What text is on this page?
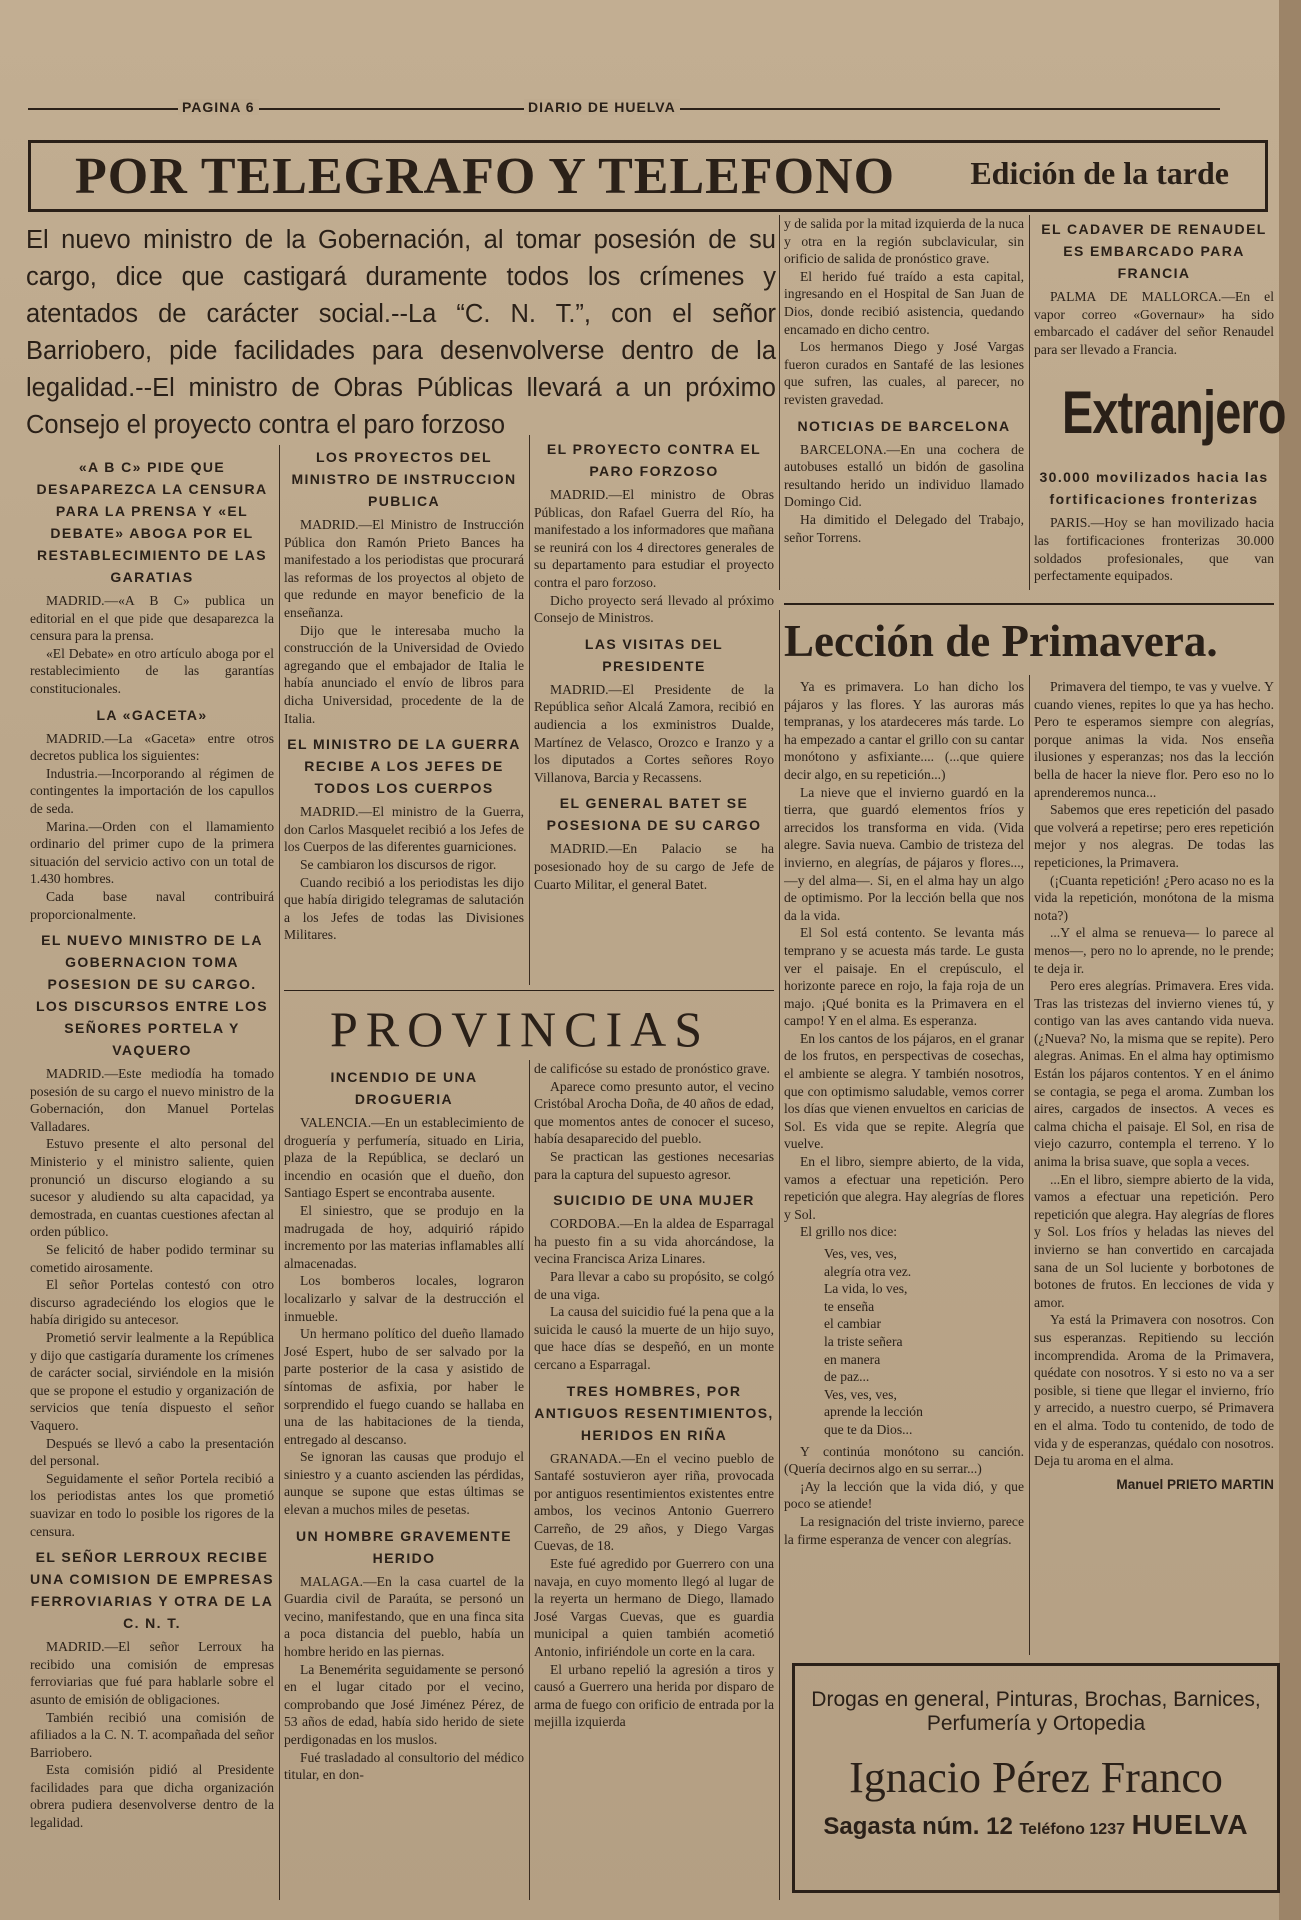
PAGINA 6	DIARIO DE HUELVA
POR TELEGRAFO Y TELEFONO Edición de la tarde
El nuevo ministro de la Gobernación, al tomar posesión de su cargo, dice que castigará duramente todos los crímenes y atentados de carácter social.--La “C. N. T.”, con el señor Barriobero, pide facilidades para desenvolverse dentro de la legalidad.--El ministro de Obras Públicas llevará a un próximo Consejo el proyecto contra el paro forzoso
«A B C» PIDE QUE DESAPAREZCA LA CENSURA PARA LA PRENSA Y «EL DEBATE» ABOGA POR EL RESTABLECIMIENTO DE LAS GARATIAS

MADRID.—«A B C» publica un editorial en el que pide que desaparezca la censura para la prensa.

«El Debate» en otro artículo aboga por el restablecimiento de las garantías constitucionales.

LA «GACETA»

MADRID.—La «Gaceta» entre otros decretos publica los siguientes:

Industria.—Incorporando al régimen de contingentes la importación de los capullos de seda.

Marina.—Orden con el llamamiento ordinario del primer cupo de la primera situación del servicio activo con un total de 1.430 hombres.

Cada base naval contribuirá proporcionalmente.

EL NUEVO MINISTRO DE LA GOBERNACION TOMA POSESION DE SU CARGO. LOS DISCURSOS ENTRE LOS SEÑORES PORTELA Y VAQUERO

MADRID.—Este mediodía ha tomado posesión de su cargo el nuevo ministro de la Gobernación, don Manuel Portelas Valladares.

Estuvo presente el alto personal del Ministerio y el ministro saliente, quien pronunció un discurso elogiando a su sucesor y aludiendo su alta capacidad, ya demostrada, en cuantas cuestiones afectan al orden público.

Se felicitó de haber podido terminar su cometido airosamente.

El señor Portelas contestó con otro discurso agradeciéndo los elogios que le había dirigido su antecesor.

Prometió servir lealmente a la República y dijo que castigaría duramente los crímenes de carácter social, sirviéndole en la misión que se propone el estudio y organización de servicios que tenía dispuesto el señor Vaquero.

Después se llevó a cabo la presentación del personal.

Seguidamente el señor Portela recibió a los periodistas antes los que prometió suavizar en todo lo posible los rigores de la censura.

EL SEÑOR LERROUX RECIBE UNA COMISION DE EMPRESAS FERROVIARIAS Y OTRA DE LA C. N. T.

MADRID.—El señor Lerroux ha recibido una comisión de empresas ferroviarias que fué para hablarle sobre el asunto de emisión de obligaciones.

También recibió una comisión de afiliados a la C. N. T. acompañada del señor Barriobero.

Esta comisión pidió al Presidente facilidades para que dicha organización obrera pudiera desenvolverse dentro de la legalidad.

LOS PROYECTOS DEL MINISTRO DE INSTRUCCION PUBLICA

MADRID.—El Ministro de Instrucción Pública don Ramón Prieto Bances ha manifestado a los periodistas que procurará las reformas de los proyectos al objeto de que redunde en mayor beneficio de la enseñanza.

Dijo que le interesaba mucho la construcción de la Universidad de Oviedo agregando que el embajador de Italia le había anunciado el envío de libros para dicha Universidad, procedente de la de Italia.

EL MINISTRO DE LA GUERRA RECIBE A LOS JEFES DE TODOS LOS CUERPOS

MADRID.—El ministro de la Guerra, don Carlos Masquelet recibió a los Jefes de los Cuerpos de las diferentes guarniciones.

Se cambiaron los discursos de rigor.

Cuando recibió a los periodistas les dijo que había dirigido telegramas de salutación a los Jefes de todas las Divisiones Militares.

EL PROYECTO CONTRA EL PARO FORZOSO

MADRID.—El ministro de Obras Públicas, don Rafael Guerra del Río, ha manifestado a los informadores que mañana se reunirá con los 4 directores generales de su departamento para estudiar el proyecto contra el paro forzoso.

Dicho proyecto será llevado al próximo Consejo de Ministros.

LAS VISITAS DEL PRESIDENTE

MADRID.—El Presidente de la República señor Alcalá Zamora, recibió en audiencia a los exministros Dualde, Martínez de Velasco, Orozco e Iranzo y a los diputados a Cortes señores Royo Villanova, Barcia y Recassens.

EL GENERAL BATET SE POSESIONA DE SU CARGO

MADRID.—En Palacio se ha posesionado hoy de su cargo de Jefe de Cuarto Militar, el general Batet.

y de salida por la mitad izquierda de la nuca y otra en la región subclavicular, sin orificio de salida de pronóstico grave.

El herido fué traído a esta capital, ingresando en el Hospital de San Juan de Dios, donde recibió asistencia, quedando encamado en dicho centro.

Los hermanos Diego y José Vargas fueron curados en Santafé de las lesiones que sufren, las cuales, al parecer, no revisten gravedad.

NOTICIAS DE BARCELONA

BARCELONA.—En una cochera de autobuses estalló un bidón de gasolina resultando herido un individuo llamado Domingo Cid.

Ha dimitido el Delegado del Trabajo, señor Torrens.

EL CADAVER DE RENAUDEL ES EMBARCADO PARA FRANCIA

PALMA DE MALLORCA.—En el vapor correo «Governaur» ha sido embarcado el cadáver del señor Renaudel para ser llevado a Francia.

30.000 movilizados hacia las fortificaciones fronterizas

PARIS.—Hoy se han movilizado hacia las fortificaciones fronterizas 30.000 soldados profesionales, que van perfectamente equipados.

Extranjero
Lección de Primavera.
PROVINCIAS
INCENDIO DE UNA DROGUERIA

VALENCIA.—En un establecimiento de droguería y perfumería, situado en Liria, plaza de la República, se declaró un incendio en ocasión que el dueño, don Santiago Espert se encontraba ausente.

El siniestro, que se produjo en la madrugada de hoy, adquirió rápido incremento por las materias inflamables allí almacenadas.

Los bomberos locales, lograron localizarlo y salvar de la destrucción el inmueble.

Un hermano político del dueño llamado José Espert, hubo de ser salvado por la parte posterior de la casa y asistido de síntomas de asfixia, por haber le sorprendido el fuego cuando se hallaba en una de las habitaciones de la tienda, entregado al descanso.

Se ignoran las causas que produjo el siniestro y a cuanto ascienden las pérdidas, aunque se supone que estas últimas se elevan a muchos miles de pesetas.

UN HOMBRE GRAVEMENTE HERIDO

MALAGA.—En la casa cuartel de la Guardia civil de Paraúta, se personó un vecino, manifestando, que en una finca sita a poca distancia del pueblo, había un hombre herido en las piernas.

La Benemérita seguidamente se personó en el lugar citado por el vecino, comprobando que José Jiménez Pérez, de 53 años de edad, había sido herido de siete perdigonadas en los muslos.

Fué trasladado al consultorio del médico titular, en don-

de calificóse su estado de pronóstico grave.

Aparece como presunto autor, el vecino Cristóbal Arocha Doña, de 40 años de edad, que momentos antes de conocer el suceso, había desaparecido del pueblo.

Se practican las gestiones necesarias para la captura del supuesto agresor.

SUICIDIO DE UNA MUJER

CORDOBA.—En la aldea de Esparragal ha puesto fin a su vida ahorcándose, la vecina Francisca Ariza Linares.

Para llevar a cabo su propósito, se colgó de una viga.

La causa del suicidio fué la pena que a la suicida le causó la muerte de un hijo suyo, que hace días se despeñó, en un monte cercano a Esparragal.

TRES HOMBRES, POR ANTIGUOS RESENTIMIENTOS, HERIDOS EN RIÑA

GRANADA.—En el vecino pueblo de Santafé sostuvieron ayer riña, provocada por antiguos resentimientos existentes entre ambos, los vecinos Antonio Guerrero Carreño, de 29 años, y Diego Vargas Cuevas, de 18.

Este fué agredido por Guerrero con una navaja, en cuyo momento llegó al lugar de la reyerta un hermano de Diego, llamado José Vargas Cuevas, que es guardia municipal a quien también acometió Antonio, infiriéndole un corte en la cara.

El urbano repelió la agresión a tiros y causó a Guerrero una herida por disparo de arma de fuego con orificio de entrada por la mejilla izquierda

Ya es primavera. Lo han dicho los pájaros y las flores. Y las auroras más tempranas, y los atardeceres más tarde. Lo ha empezado a cantar el grillo con su cantar monótono y asfixiante.... (...que quiere decir algo, en su repetición...)

La nieve que el invierno guardó en la tierra, que guardó elementos fríos y arrecidos los transforma en vida. (Vida alegre. Savia nueva. Cambio de tristeza del invierno, en alegrías, de pájaros y flores..., —y del alma—. Si, en el alma hay un algo de optimismo. Por la lección bella que nos da la vida.

El Sol está contento. Se levanta más temprano y se acuesta más tarde. Le gusta ver el paisaje. En el crepúsculo, el horizonte parece en rojo, la faja roja de un majo. ¡Qué bonita es la Primavera en el campo! Y en el alma. Es esperanza.

En los cantos de los pájaros, en el granar de los frutos, en perspectivas de cosechas, el ambiente se alegra. Y también nosotros, que con optimismo saludable, vemos correr los días que vienen envueltos en caricias de Sol. Es vida que se repite. Alegría que vuelve.

En el libro, siempre abierto, de la vida, vamos a efectuar una repetición. Pero repetición que alegra. Hay alegrías de flores y Sol.

El grillo nos dice:

Ves, ves, ves,
alegría otra vez.
La vida, lo ves,
te enseña
el cambiar
la triste señera
en manera
de paz...
Ves, ves, ves,
aprende la lección
que te da Dios...

Y continúa monótono su canción. (Quería decirnos algo en su serrar...)

¡Ay la lección que la vida dió, y que poco se atiende!

La resignación del triste invierno, parece la firme esperanza de vencer con alegrías.

Primavera del tiempo, te vas y vuelve. Y cuando vienes, repites lo que ya has hecho. Pero te esperamos siempre con alegrías, porque animas la vida. Nos enseña ilusiones y esperanzas; nos das la lección bella de hacer la nieve flor. Pero eso no lo aprenderemos nunca...

Sabemos que eres repetición del pasado que volverá a repetirse; pero eres repetición mejor y nos alegras. De todas las repeticiones, la Primavera.

(¡Cuanta repetición! ¿Pero acaso no es la vida la repetición, monótona de la misma nota?)

...Y el alma se renueva— lo parece al menos—, pero no lo aprende, no le prende; te deja ir.

Pero eres alegrías. Primavera. Eres vida. Tras las tristezas del invierno vienes tú, y contigo van las aves cantando vida nueva. (¿Nueva? No, la misma que se repite). Pero alegras. Animas. En el alma hay optimismo Están los pájaros contentos. Y en el ánimo se contagia, se pega el aroma. Zumban los aires, cargados de insectos. A veces es calma chicha el paisaje. El Sol, en risa de viejo cazurro, contempla el terreno. Y lo anima la brisa suave, que sopla a veces.

...En el libro, siempre abierto de la vida, vamos a efectuar una repetición. Pero repetición que alegra. Hay alegrías de flores y Sol. Los fríos y heladas las nieves del invierno se han convertido en carcajada sana de un Sol luciente y borbotones de botones de frutos. En lecciones de vida y amor.

Ya está la Primavera con nosotros. Con sus esperanzas. Repitiendo su lección incomprendida. Aroma de la Primavera, quédate con nosotros. Y si esto no va a ser posible, si tiene que llegar el invierno, frío y arrecido, a nuestro cuerpo, sé Primavera en el alma. Todo tu contenido, de todo de vida y de esperanzas, quédalo con nosotros. Deja tu aroma en el alma.

Manuel PRIETO MARTIN
Drogas en general, Pinturas, Brochas, Barnices,
Perfumería y Ortopedia
Ignacio Pérez Franco
Sagasta núm. 12 Teléfono 1237 HUELVA
